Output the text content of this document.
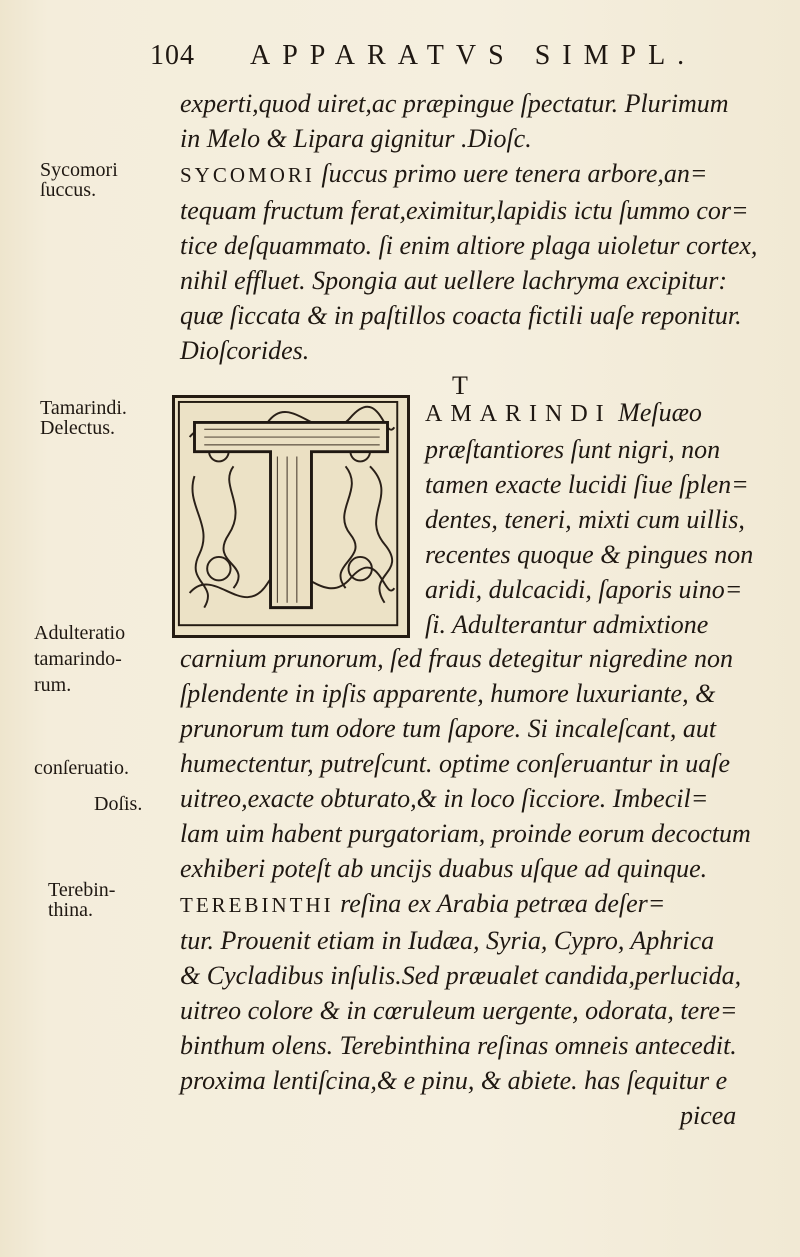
104 APPARATVS SIMPL.
Sycomori
ſuccus.
Tamarindi.
Delectus.
Adulteratio
tamarindo-
rum.
conſeruatio.
Doſis.
Terebin-
thina.
experti,quod uiret,ac præpingue ſpectatur. Plurimum
in Melo & Lipara gignitur .Dioſc.
SYCOMORI ſuccus primo uere tenera arbore,an=
tequam fructum ferat,eximitur,lapidis ictu ſummo cor=
tice deſquammato. ſi enim altiore plaga uioletur cortex,
nihil effluet. Spongia aut uellere lachryma excipitur:
quæ ſiccata & in paſtillos coacta fictili uaſe reponitur.
Dioſcorides.
T
AMARINDI Meſuæo
præſtantiores ſunt nigri, non
tamen exacte lucidi ſiue ſplen=
dentes, teneri, mixti cum uillis,
recentes quoque & pingues non
aridi, dulcacidi, ſaporis uino=
ſi. Adulterantur admixtione
carnium prunorum, ſed fraus detegitur nigredine non
ſplendente in ipſis apparente, humore luxuriante, &
prunorum tum odore tum ſapore. Si incaleſcant, aut
humectentur, putreſcunt. optime conſeruantur in uaſe
uitreo,exacte obturato,& in loco ſicciore. Imbecil=
lam uim habent purgatoriam, proinde eorum decoctum
exhiberi poteſt ab uncijs duabus uſque ad quinque.
TEREBINTHI reſina ex Arabia petræa deſer=
tur. Prouenit etiam in Iudæa, Syria, Cypro, Aphrica
& Cycladibus inſulis.Sed præualet candida,perlucida,
uitreo colore & in cœruleum uergente, odorata, tere=
binthum olens. Terebinthina reſinas omneis antecedit.
proxima lentiſcina,& e pinu, & abiete. has ſequitur e
picea
